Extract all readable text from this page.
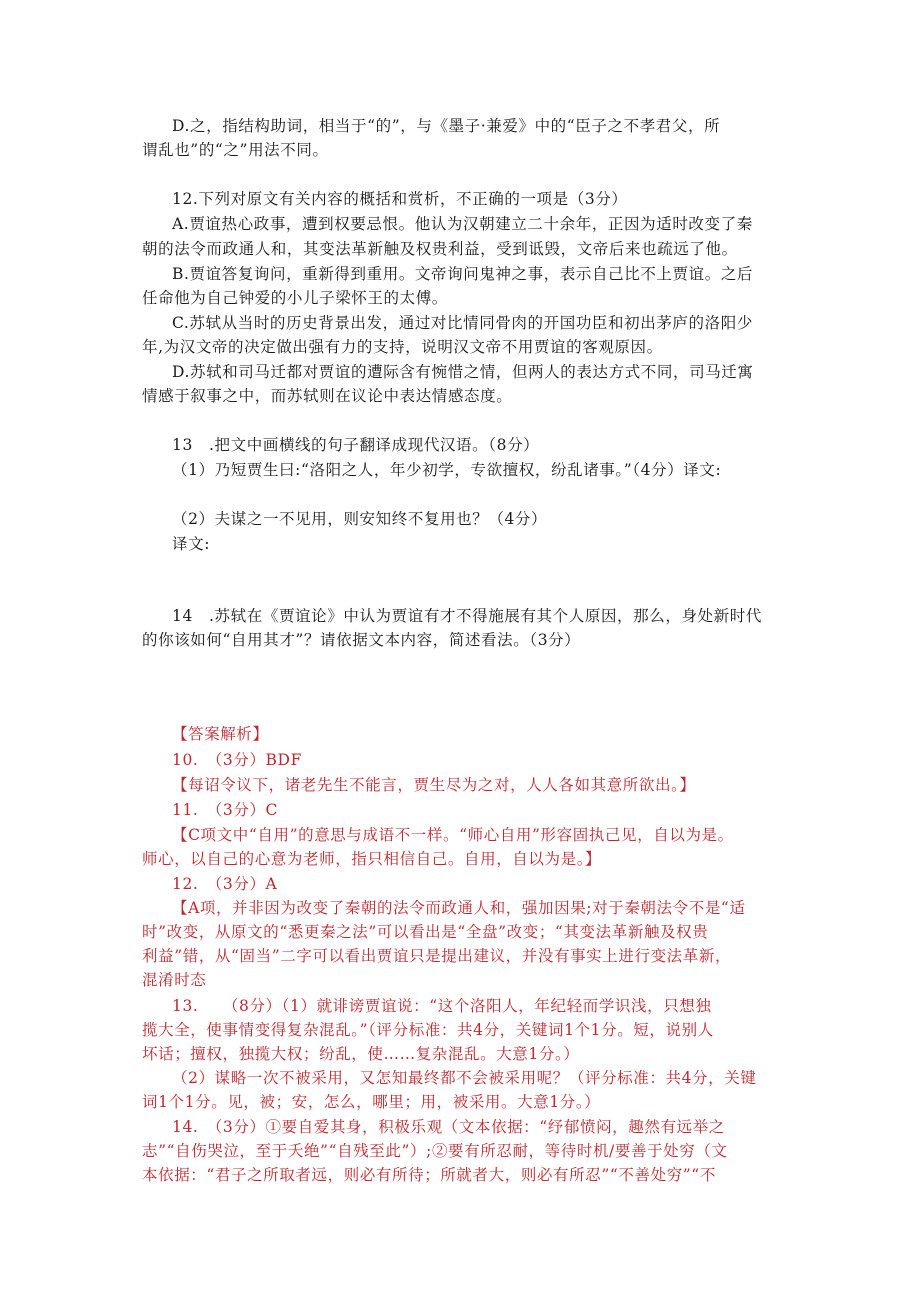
D.之，指结构助词，相当于“的”，与《墨子·兼爱》中的“臣子之不孝君父，所
谓乱也”的“之”用法不同。
12.下列对原文有关内容的概括和赏析，不正确的一项是（3分）
A.贾谊热心政事，遭到权要忌恨。他认为汉朝建立二十余年，正因为适时改变了秦
朝的法令而政通人和，其变法革新触及权贵利益，受到诋毁，文帝后来也疏远了他。
B.贾谊答复询问，重新得到重用。文帝询问鬼神之事，表示自己比不上贾谊。之后
任命他为自己钟爱的小儿子梁怀王的太傅。
C.苏轼从当时的历史背景出发，通过对比情同骨肉的开国功臣和初出茅庐的洛阳少
年,为汉文帝的决定做出强有力的支持，说明汉文帝不用贾谊的客观原因。
D.苏轼和司马迁都对贾谊的遭际含有惋惜之情，但两人的表达方式不同，司马迁寓
情感于叙事之中，而苏轼则在议论中表达情感态度。
13　.把文中画横线的句子翻译成现代汉语。（8分）
（1）乃短贾生曰:“洛阳之人，年少初学，专欲擅权，纷乱诸事。”（4分）译文:
（2）夫谋之一不见用，则安知终不复用也？（4分）
译文:
14　.苏轼在《贾谊论》中认为贾谊有才不得施展有其个人原因，那么，身处新时代
的你该如何“自用其才”？请依据文本内容，简述看法。（3分）
【答案解析】
10.　（3分）BDF
【每诏令议下，诸老先生不能言，贾生尽为之对，人人各如其意所欲出。】
11.　（3分）C
【C项文中“自用”的意思与成语不一样。“师心自用”形容固执己见，自以为是。
师心，以自己的心意为老师，指只相信自己。自用，自以为是。】
12.　（3分）A
【A项，并非因为改变了秦朝的法令而政通人和，强加因果;对于秦朝法令不是“适
时”改变，从原文的“悉更秦之法”可以看出是“全盘”改变；“其变法革新触及权贵
利益”错，从“固当”二字可以看出贾谊只是提出建议，并没有事实上进行变法革新，
混淆时态
13.　　（8分）（1）就诽谤贾谊说：“这个洛阳人，年纪轻而学识浅，只想独
揽大全，使事情变得复杂混乱。”（评分标准：共4分，关键词1个1分。短，说别人
坏话；擅权，独揽大权；纷乱，使……复杂混乱。大意1分。）
（2）谋略一次不被采用，又怎知最终都不会被采用呢？（评分标准：共4分，关键
词1个1分。见，被；安，怎么，哪里；用，被采用。大意1分。）
14.　（3分）①要自爱其身，积极乐观（文本依据：“纾郁愤闷，趣然有远举之
志”“自伤哭泣，至于夭绝”“自残至此”）;②要有所忍耐，等待时机/要善于处穷（文
本依据：“君子之所取者远，则必有所待；所就者大，则必有所忍”“不善处穷”“不
